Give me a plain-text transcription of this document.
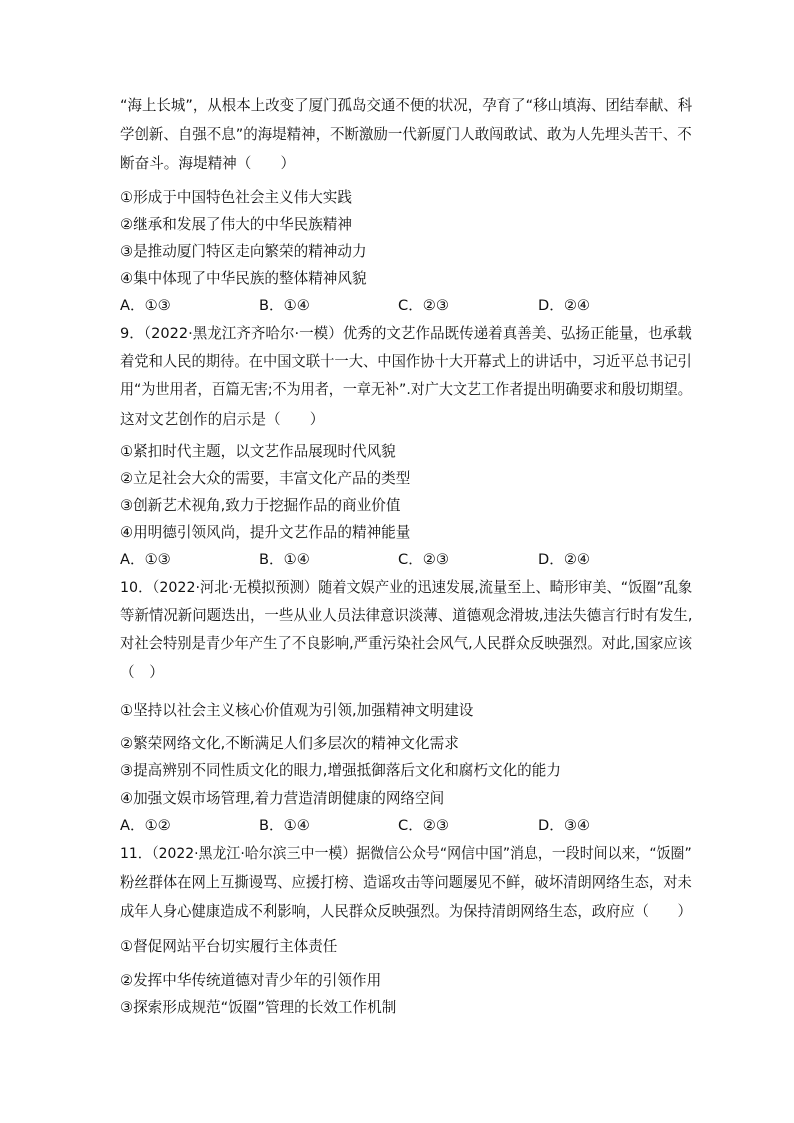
“海上长城”，从根本上改变了厦门孤岛交通不便的状况，孕育了“移山填海、团结奉献、科
学创新、自强不息”的海堤精神，不断激励一代新厦门人敢闯敢试、敢为人先埋头苦干、不
断奋斗。海堤精神（　　）
①形成于中国特色社会主义伟大实践
②继承和发展了伟大的中华民族精神
③是推动厦门特区走向繁荣的精神动力
④集中体现了中华民族的整体精神风貌
A．①③	B．①④	C．②③	D．②④
9．（2022·黑龙江齐齐哈尔·一模）优秀的文艺作品既传递着真善美、弘扬正能量，也承载
着党和人民的期待。在中国文联十一大、中国作协十大开幕式上的讲话中，习近平总书记引
用“为世用者，百篇无害;不为用者，一章无补”.对广大文艺工作者提出明确要求和殷切期望。
这对文艺创作的启示是（　　）
①紧扣时代主题，以文艺作品展现时代风貌
②立足社会大众的需要，丰富文化产品的类型
③创新艺术视角,致力于挖掘作品的商业价值
④用明德引领风尚，提升文艺作品的精神能量
A．①③	B．①④	C．②③	D．②④
10．（2022·河北·无模拟预测）随着文娱产业的迅速发展,流量至上、畸形审美、“饭圈”乱象
等新情况新问题迭出，一些从业人员法律意识淡薄、道德观念滑坡,违法失德言行时有发生,
对社会特别是青少年产生了不良影响,严重污染社会风气,人民群众反映强烈。对此,国家应该
（　）
①坚持以社会主义核心价值观为引领,加强精神文明建设
②繁荣网络文化,不断满足人们多层次的精神文化需求
③提高辨别不同性质文化的眼力,增强抵御落后文化和腐朽文化的能力
④加强文娱市场管理,着力营造清朗健康的网络空间
A．①②	B．①④	C．②③	D．③④
11．（2022·黑龙江·哈尔滨三中一模）据微信公众号“网信中国”消息，一段时间以来，“饭圈”
粉丝群体在网上互撕谩骂、应援打榜、造谣攻击等问题屡见不鲜，破坏清朗网络生态，对未
成年人身心健康造成不利影响，人民群众反映强烈。为保持清朗网络生态，政府应（　　）
①督促网站平台切实履行主体责任
②发挥中华传统道德对青少年的引领作用
③探索形成规范“饭圈”管理的长效工作机制
